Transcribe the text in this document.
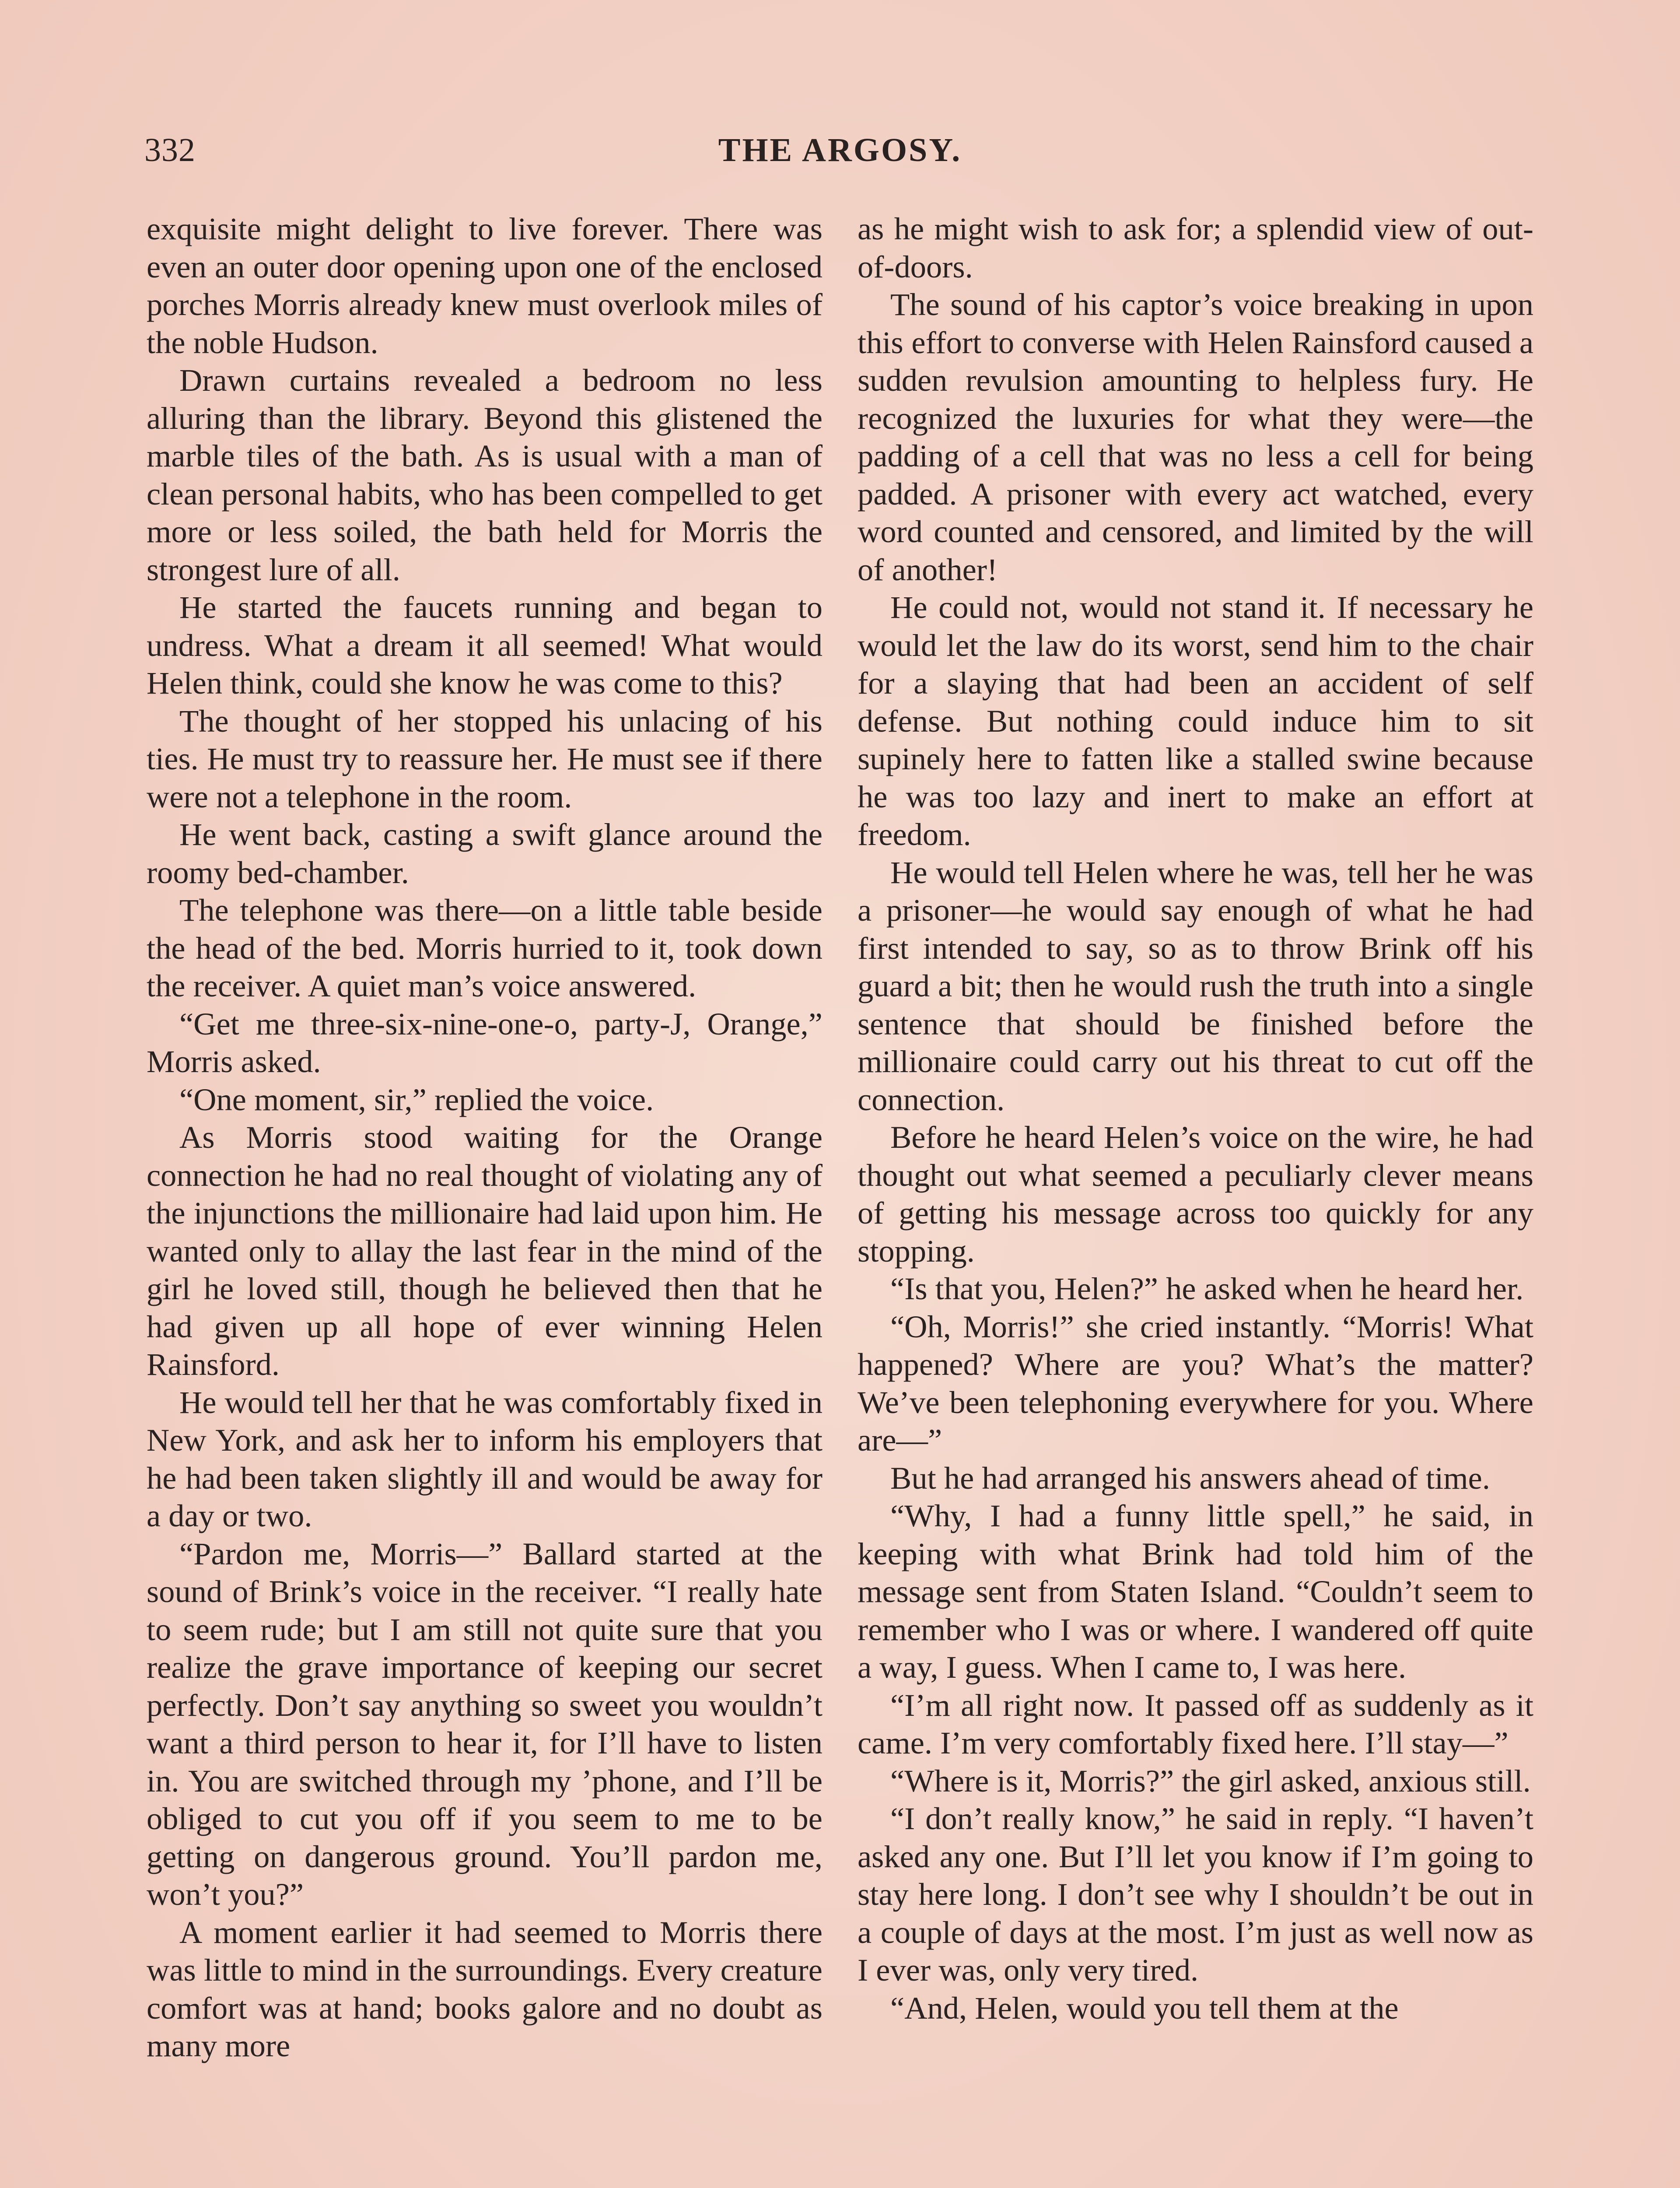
332	THE ARGOSY.

exquisite might delight to live forever. There was even an outer door opening upon one of the enclosed porches Morris already knew must overlook miles of the noble Hudson.

Drawn curtains revealed a bedroom no less alluring than the library. Beyond this glistened the marble tiles of the bath. As is usual with a man of clean personal habits, who has been compelled to get more or less soiled, the bath held for Morris the strongest lure of all.

He started the faucets running and began to undress. What a dream it all seemed! What would Helen think, could she know he was come to this?

The thought of her stopped his unlacing of his ties. He must try to reassure her. He must see if there were not a telephone in the room.

He went back, casting a swift glance around the roomy bed-chamber.

The telephone was there—on a little table beside the head of the bed. Morris hurried to it, took down the receiver. A quiet man’s voice answered.

“Get me three-six-nine-one-o, party-J, Orange,” Morris asked.

“One moment, sir,” replied the voice.

As Morris stood waiting for the Orange connection he had no real thought of violating any of the injunctions the millionaire had laid upon him. He wanted only to allay the last fear in the mind of the girl he loved still, though he believed then that he had given up all hope of ever winning Helen Rainsford.

He would tell her that he was comfortably fixed in New York, and ask her to inform his employers that he had been taken slightly ill and would be away for a day or two.

“Pardon me, Morris—” Ballard started at the sound of Brink’s voice in the receiver. “I really hate to seem rude; but I am still not quite sure that you realize the grave importance of keeping our secret perfectly. Don’t say anything so sweet you wouldn’t want a third person to hear it, for I’ll have to listen in. You are switched through my ’phone, and I’ll be obliged to cut you off if you seem to me to be getting on dangerous ground. You’ll pardon me, won’t you?”

A moment earlier it had seemed to Morris there was little to mind in the surroundings. Every creature comfort was at hand; books galore and no doubt as many more

as he might wish to ask for; a splendid view of out-of-doors.

The sound of his captor’s voice breaking in upon this effort to converse with Helen Rainsford caused a sudden revulsion amounting to helpless fury. He recognized the luxuries for what they were—the padding of a cell that was no less a cell for being padded. A prisoner with every act watched, every word counted and censored, and limited by the will of another!

He could not, would not stand it. If necessary he would let the law do its worst, send him to the chair for a slaying that had been an accident of self defense. But nothing could induce him to sit supinely here to fatten like a stalled swine because he was too lazy and inert to make an effort at freedom.

He would tell Helen where he was, tell her he was a prisoner—he would say enough of what he had first intended to say, so as to throw Brink off his guard a bit; then he would rush the truth into a single sentence that should be finished before the millionaire could carry out his threat to cut off the connection.

Before he heard Helen’s voice on the wire, he had thought out what seemed a peculiarly clever means of getting his message across too quickly for any stopping.

“Is that you, Helen?” he asked when he heard her.

“Oh, Morris!” she cried instantly. “Morris! What happened? Where are you? What’s the matter? We’ve been telephoning everywhere for you. Where are—”

But he had arranged his answers ahead of time.

“Why, I had a funny little spell,” he said, in keeping with what Brink had told him of the message sent from Staten Island. “Couldn’t seem to remember who I was or where. I wandered off quite a way, I guess. When I came to, I was here.

“I’m all right now. It passed off as suddenly as it came. I’m very comfortably fixed here. I’ll stay—”

“Where is it, Morris?” the girl asked, anxious still.

“I don’t really know,” he said in reply. “I haven’t asked any one. But I’ll let you know if I’m going to stay here long. I don’t see why I shouldn’t be out in a couple of days at the most. I’m just as well now as I ever was, only very tired.

“And, Helen, would you tell them at the
